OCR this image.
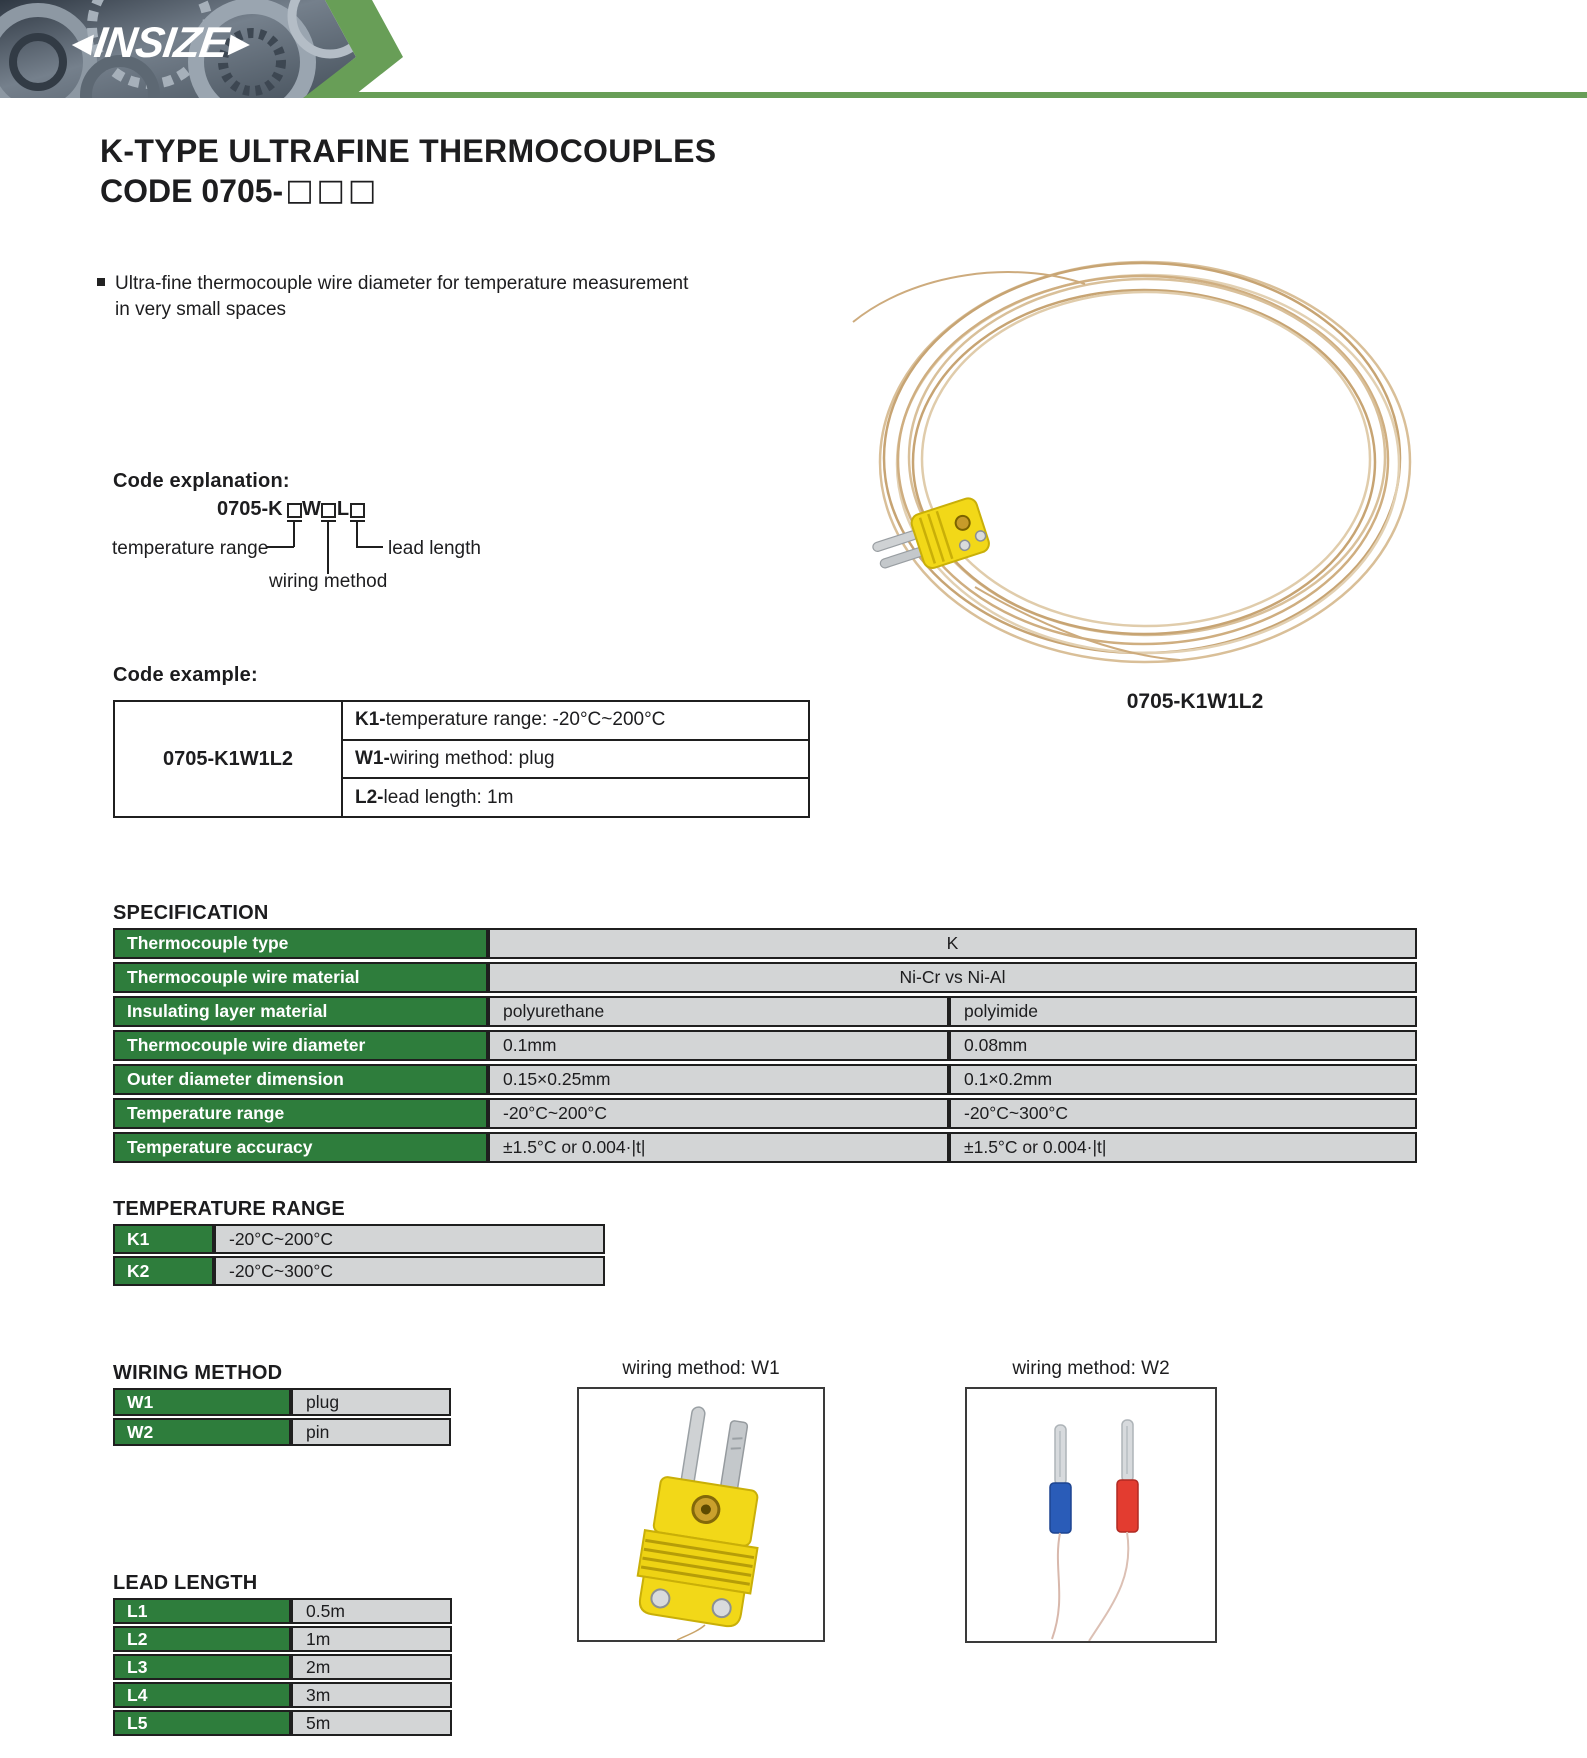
◀
INSIZE
▶
K-TYPE ULTRAFINE THERMOCOUPLES
CODE 0705- □□□
Ultra-fine thermocouple wire diameter for temperature measurement in very small spaces
0705-K1W1L2
Code explanation:
0705-K W L
temperature range
wiring method
lead length
Code example:
0705-K1W1L2
K1- temperature range: -20°C~200°C
W1- wiring method: plug
L2- lead length: 1m
SPECIFICATION
Thermocouple type	K
Thermocouple wire material	Ni-Cr vs Ni-Al
Insulating layer material	polyurethane	polyimide
Thermocouple wire diameter	0.1mm	0.08mm
Outer diameter dimension	0.15×0.25mm	0.1×0.2mm
Temperature range	-20°C~200°C	-20°C~300°C
Temperature accuracy	±1.5°C or 0.004·|t|	±1.5°C or 0.004·|t|
TEMPERATURE RANGE
K1	-20°C~200°C
K2	-20°C~300°C
WIRING METHOD
W1	plug
W2	pin
wiring method: W1	wiring method: W2
LEAD LENGTH
L1	0.5m
L2	1m
L3	2m
L4	3m
L5	5m
